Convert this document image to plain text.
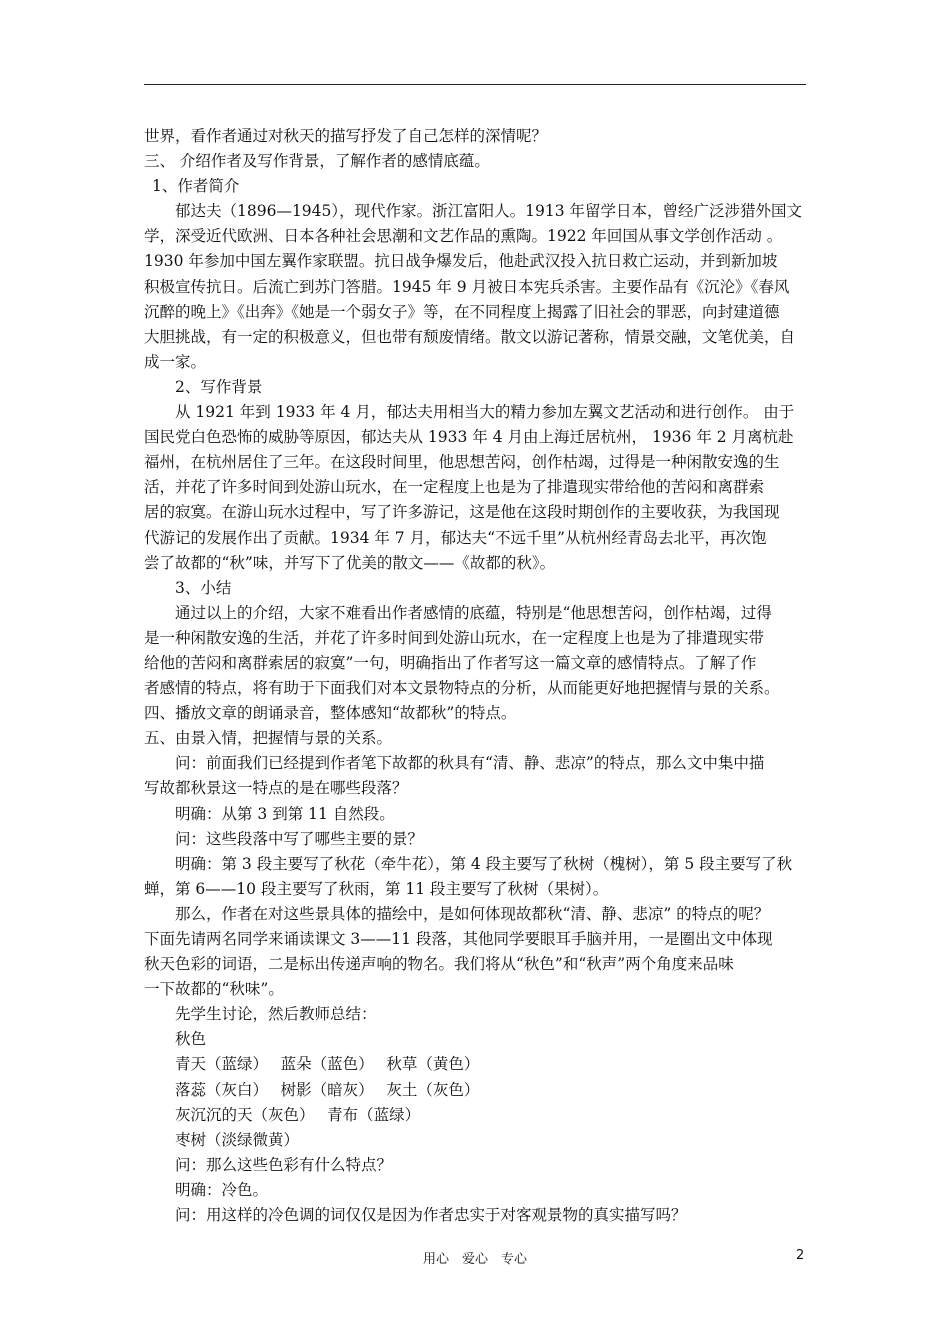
世界，看作者通过对秋天的描写抒发了自己怎样的深情呢？
三、 介绍作者及写作背景，了解作者的感情底蕴。
1、作者简介
郁达夫（1896—1945），现代作家。浙江富阳人。1913 年留学日本，曾经广泛涉猎外国文
学，深受近代欧洲、日本各种社会思潮和文艺作品的熏陶。1922 年回国从事文学创作活动 。
1930 年参加中国左翼作家联盟。抗日战争爆发后，他赴武汉投入抗日救亡运动，并到新加坡
积极宣传抗日。后流亡到苏门答腊。1945 年 9 月被日本宪兵杀害。主要作品有《沉沦》《春风
沉醉的晚上》《出奔》《她是一个弱女子》等，在不同程度上揭露了旧社会的罪恶，向封建道德
大胆挑战，有一定的积极意义，但也带有颓废情绪。散文以游记著称，情景交融，文笔优美，自
成一家。
2、写作背景
从 1921 年到 1933 年 4 月，郁达夫用相当大的精力参加左翼文艺活动和进行创作。 由于
国民党白色恐怖的威胁等原因，郁达夫从 1933 年 4 月由上海迁居杭州， 1936 年 2 月离杭赴
福州，在杭州居住了三年。在这段时间里，他思想苦闷，创作枯竭，过得是一种闲散安逸的生
活，并花了许多时间到处游山玩水，在一定程度上也是为了排遣现实带给他的苦闷和离群索
居的寂寞。在游山玩水过程中，写了许多游记，这是他在这段时期创作的主要收获，为我国现
代游记的发展作出了贡献。1934 年 7 月，郁达夫“不远千里”从杭州经青岛去北平，再次饱
尝了故都的“秋”味，并写下了优美的散文——《故都的秋》。
3、小结
通过以上的介绍，大家不难看出作者感情的底蕴，特别是“他思想苦闷，创作枯竭，过得
是一种闲散安逸的生活，并花了许多时间到处游山玩水，在一定程度上也是为了排遣现实带
给他的苦闷和离群索居的寂寞”一句，明确指出了作者写这一篇文章的感情特点。了解了作
者感情的特点，将有助于下面我们对本文景物特点的分析，从而能更好地把握情与景的关系。
四、播放文章的朗诵录音，整体感知“故都秋”的特点。
五、由景入情，把握情与景的关系。
问：前面我们已经提到作者笔下故都的秋具有“清、静、悲凉”的特点，那么文中集中描
写故都秋景这一特点的是在哪些段落？
明确：从第 3 到第 11 自然段。
问：这些段落中写了哪些主要的景？
明确：第 3 段主要写了秋花（牵牛花），第 4 段主要写了秋树（槐树），第 5 段主要写了秋
蝉，第 6——10 段主要写了秋雨，第 11 段主要写了秋树（果树）。
那么，作者在对这些景具体的描绘中，是如何体现故都秋“清、静、悲凉” 的特点的呢？
下面先请两名同学来诵读课文 3——11 段落，其他同学要眼耳手脑并用，一是圈出文中体现
秋天色彩的词语，二是标出传递声响的物名。我们将从“秋色”和“秋声”两个角度来品味
一下故都的“秋味”。
先学生讨论，然后教师总结：
秋色
青天（蓝绿）　 蓝朵（蓝色）　 秋草（黄色）
落蕊（灰白）　 树影（暗灰）　 灰土（灰色）
灰沉沉的天（灰色）　 青布（蓝绿）
枣树（淡绿微黄）
问：那么这些色彩有什么特点？
明确：冷色。
问：用这样的冷色调的词仅仅是因为作者忠实于对客观景物的真实描写吗？
用心　爱心　专心	2
